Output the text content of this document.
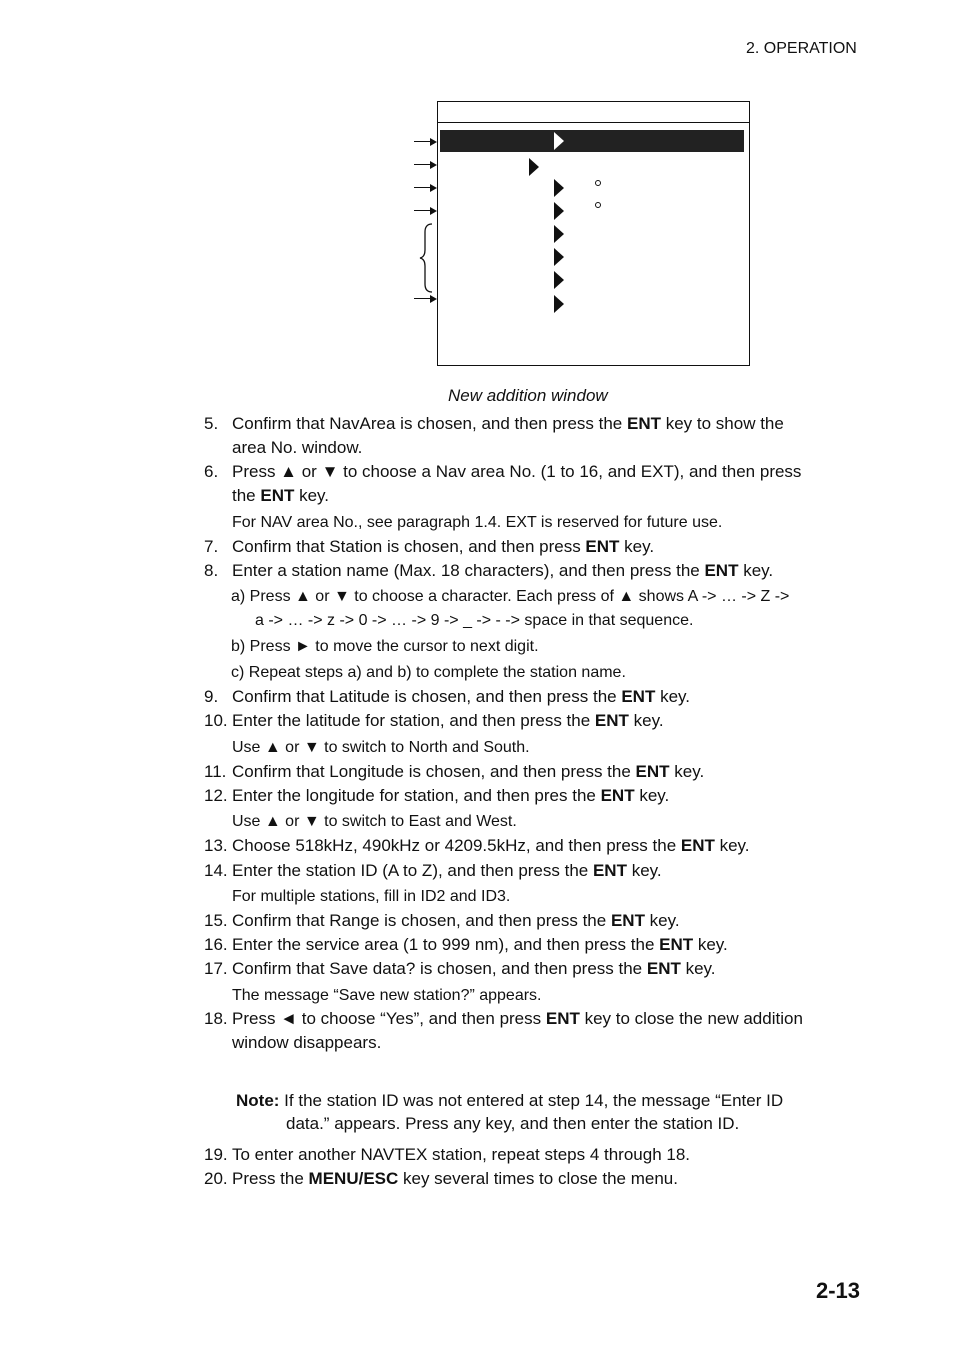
2. OPERATION
New addition window
5. Confirm that NavArea is chosen, and then press the ENT key to show the
area No. window.
6. Press ▲ or ▼ to choose a Nav area No. (1 to 16, and EXT), and then press
the ENT key.
For NAV area No., see paragraph 1.4. EXT is reserved for future use.
7. Confirm that Station is chosen, and then press ENT key.
8. Enter a station name (Max. 18 characters), and then press the ENT key.
a) Press ▲ or ▼ to choose a character. Each press of ▲ shows A -> … -> Z ->
a -> … -> z -> 0 -> … -> 9 -> _ -> - -> space in that sequence.
b) Press ► to move the cursor to next digit.
c) Repeat steps a) and b) to complete the station name.
9. Confirm that Latitude is chosen, and then press the ENT key.
10. Enter the latitude for station, and then press the ENT key.
Use ▲ or ▼ to switch to North and South.
11. Confirm that Longitude is chosen, and then press the ENT key.
12. Enter the longitude for station, and then pres the ENT key.
Use ▲ or ▼ to switch to East and West.
13. Choose 518kHz, 490kHz or 4209.5kHz, and then press the ENT key.
14. Enter the station ID (A to Z), and then press the ENT key.
For multiple stations, fill in ID2 and ID3.
15. Confirm that Range is chosen, and then press the ENT key.
16. Enter the service area (1 to 999 nm), and then press the ENT key.
17. Confirm that Save data? is chosen, and then press the ENT key.
The message “Save new station?” appears.
18. Press ◄ to choose “Yes”, and then press ENT key to close the new addition
window disappears.
Note: If the station ID was not entered at step 14, the message “Enter ID
data.” appears. Press any key, and then enter the station ID.
19. To enter another NAVTEX station, repeat steps 4 through 18.
20. Press the MENU/ESC key several times to close the menu.
2-13
